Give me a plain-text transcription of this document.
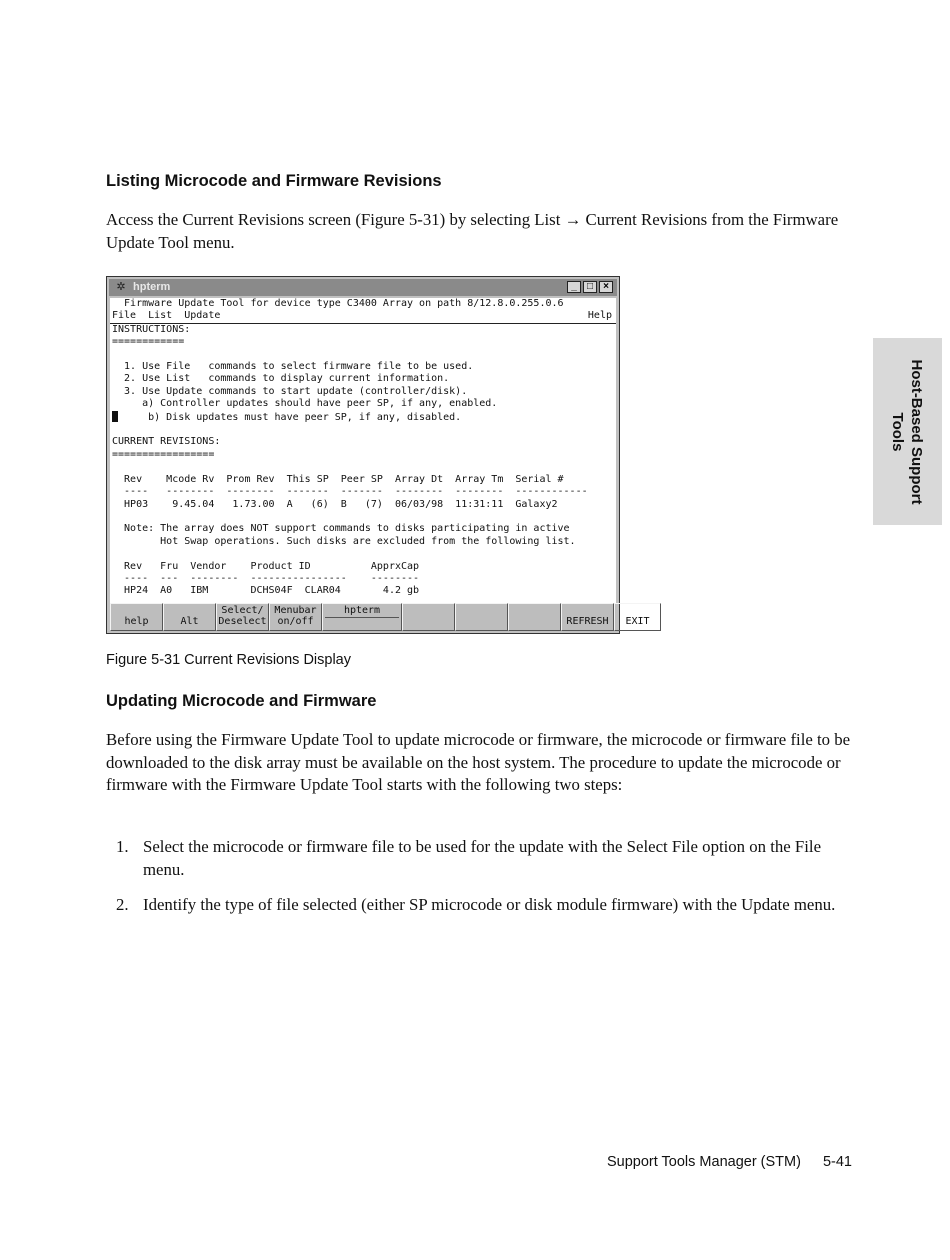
Listing Microcode and Firmware Revisions

Access the Current Revisions screen (Figure 5-31) by selecting List → Current Revisions from the Firmware Update Tool menu.

Host-Based Support
Tools
✲ hpterm	_	□	×
Firmware Update Tool for device type C3400 Array on path 8/12.8.0.255.0.6
File  List  Update	Help
INSTRUCTIONS:
============

1. Use File   commands to select firmware file to be used.
2. Use List   commands to display current information.
3. Use Update commands to start update (controller/disk).
a) Controller updates should have peer SP, if any, enabled.
b) Disk updates must have peer SP, if any, disabled.

CURRENT REVISIONS:
=================

Rev    Mcode Rv  Prom Rev  This SP  Peer SP  Array Dt  Array Tm  Serial #
----   --------  --------  -------  -------  --------  --------  ------------
HP03    9.45.04   1.73.00  A   (6)  B   (7)  06/03/98  11:31:11  Galaxy2

Note: The array does NOT support commands to disks participating in active
Hot Swap operations. Such disks are excluded from the following list.

Rev   Fru  Vendor    Product ID          ApprxCap
----  ---  --------  ----------------    --------
HP24  A0   IBM       DCHS04F  CLAR04       4.2 gb
help	Alt
Select/
Deselect
Menubar
on/off
hpterm
REFRESH	EXIT
Figure 5-31 Current Revisions Display
Updating Microcode and Firmware

Before using the Firmware Update Tool to update microcode or firmware, the microcode or firmware file to be downloaded to the disk array must be available on the host system. The procedure to update the microcode or firmware with the Firmware Update Tool starts with the following two steps:

1. Select the microcode or firmware file to be used for the update with the Select File option on the File menu.
2. Identify the type of file selected (either SP microcode or disk module firmware) with the Update menu.
Support Tools Manager (STM) 5-41
